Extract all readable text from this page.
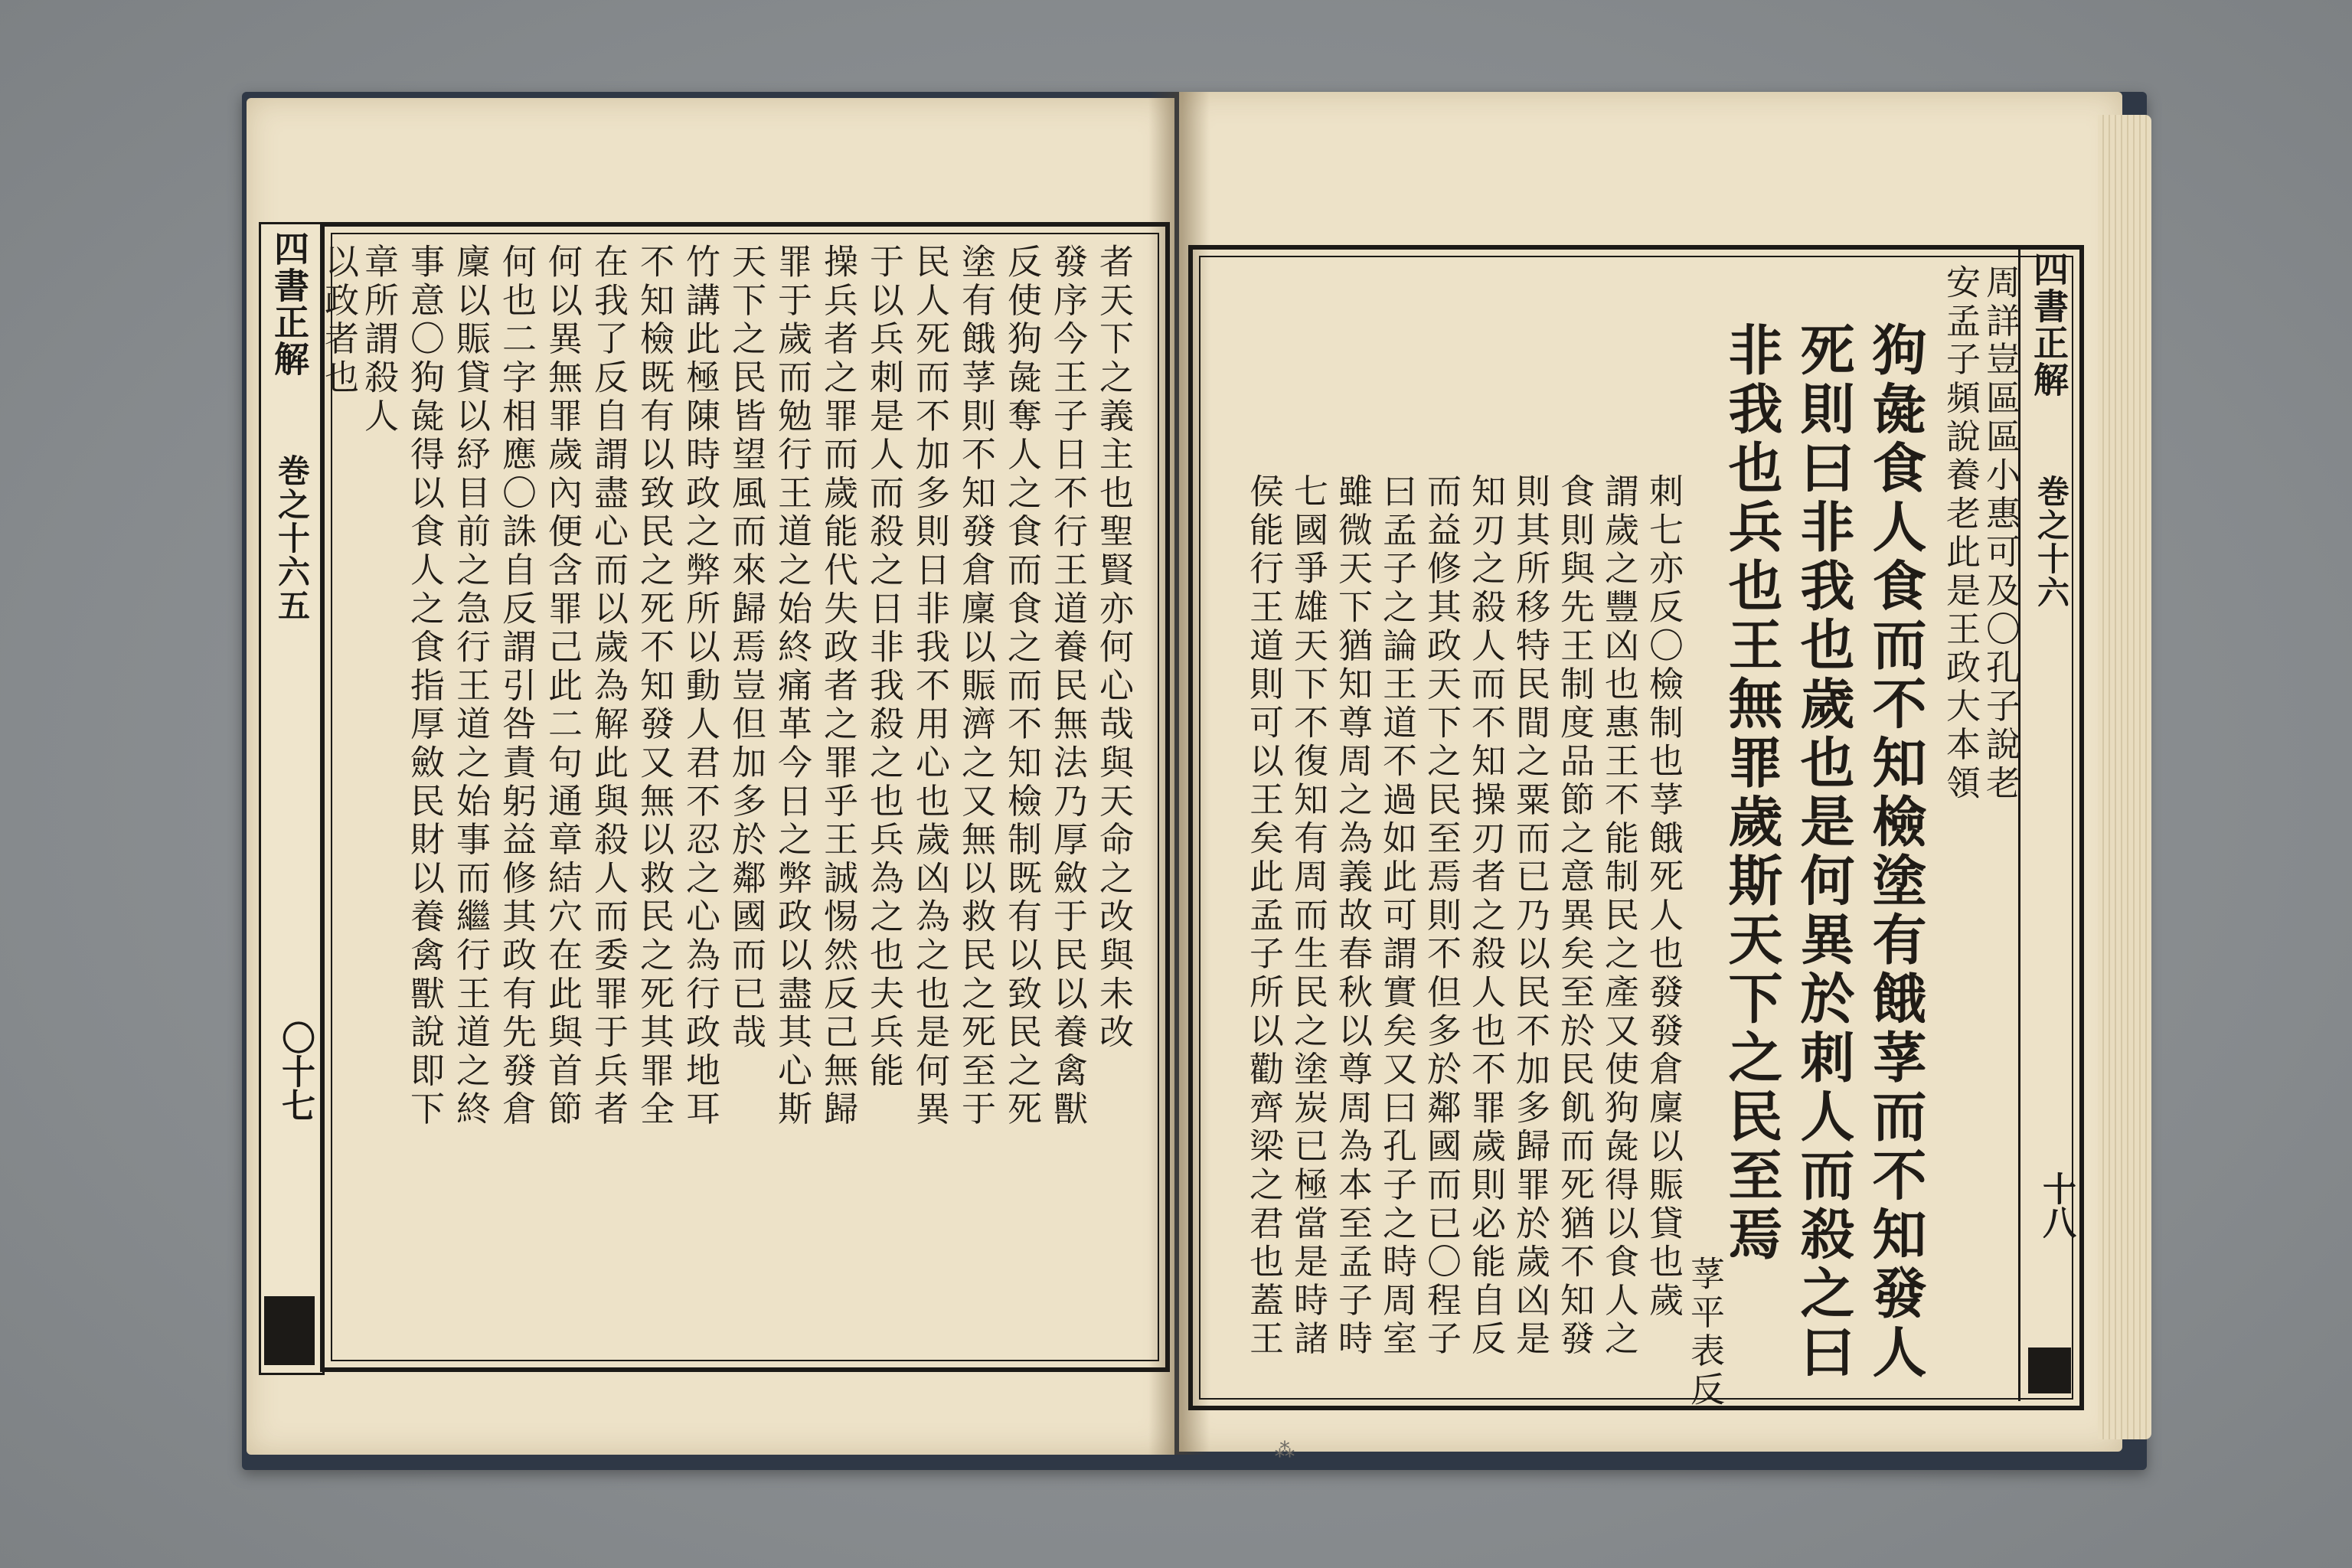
四書正解
巻之十六五
〇十七
者天下之義主也聖賢亦何心哉與天命之改與未改
發序今王子日不行王道養民無法乃厚斂于民以養禽獸
反使狗彘奪人之食而食之而不知檢制既有以致民之死
塗有餓莩則不知發倉廩以賑濟之又無以救民之死至于
民人死而不加多則日非我不用心也歲凶為之也是何異
于以兵刺是人而殺之日非我殺之也兵為之也夫兵能
操兵者之罪而歲能代失政者之罪乎王誠惕然反己無歸
罪于歲而勉行王道之始終痛革今日之弊政以盡其心斯
天下之民皆望風而來歸焉豈但加多於鄰國而已哉
竹講此極陳時政之弊所以動人君不忍之心為行政地耳
不知檢既有以致民之死不知發又無以救民之死其罪全
在我了反自謂盡心而以歲為解此與殺人而委罪于兵者
何以異無罪歲內便含罪己此二句通章結穴在此與首節
何也二字相應〇誅自反謂引咎責躬益修其政有先發倉
廩以賑貸以紓目前之急行王道之始事而繼行王道之終
事意〇狗彘得以食人之食指厚斂民財以養禽獸說即下
章所謂殺人
以政者也	四書正解
巻之十六
十八
周詳豈區區小惠可及〇孔子說老
安孟子頻說養老此是王政大本領
狗彘食人食而不知檢塗有餓莩而不知發人
死則曰非我也歲也是何異於刺人而殺之曰
非我也兵也王無罪歲斯天下之民至焉
莩平表反
刺七亦反〇檢制也莩餓死人也發發倉廩以賑貸也歲
謂歲之豐凶也惠王不能制民之產又使狗彘得以食人之
食則與先王制度品節之意異矣至於民飢而死猶不知發
則其所移特民間之粟而已乃以民不加多歸罪於歲凶是
知刃之殺人而不知操刃者之殺人也不罪歲則必能自反
而益修其政天下之民至焉則不但多於鄰國而已〇程子
曰孟子之論王道不過如此可謂實矣又曰孔子之時周室
雖微天下猶知尊周之為義故春秋以尊周為本至孟子時
七國爭雄天下不復知有周而生民之塗炭已極當是時諸
侯能行王道則可以王矣此孟子所以勸齊梁之君也蓋王
⁂
